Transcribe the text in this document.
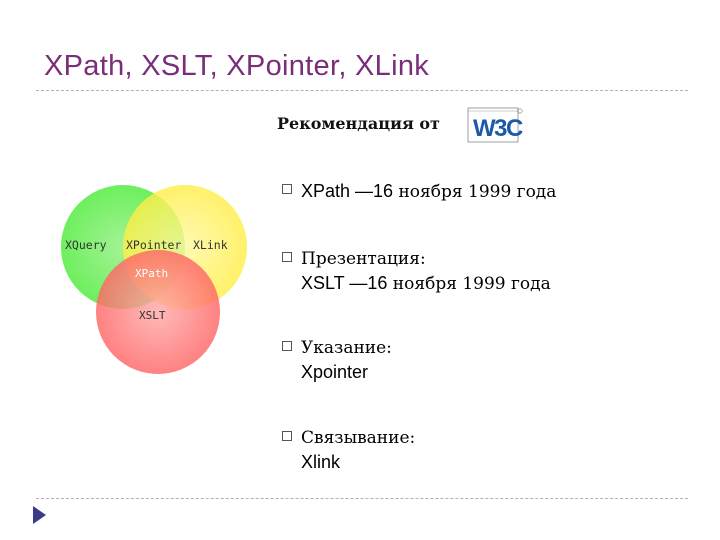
XPath, XSLT, XPointer, XLink
Рекомендация от W3C
XQuery XPointer XLink
XPath
XSLT
XPath —16 ноября 1999 года
Презентация:
XSLT —16 ноября 1999 года
Указание:
Xpointer
Связывание:
Xlink
